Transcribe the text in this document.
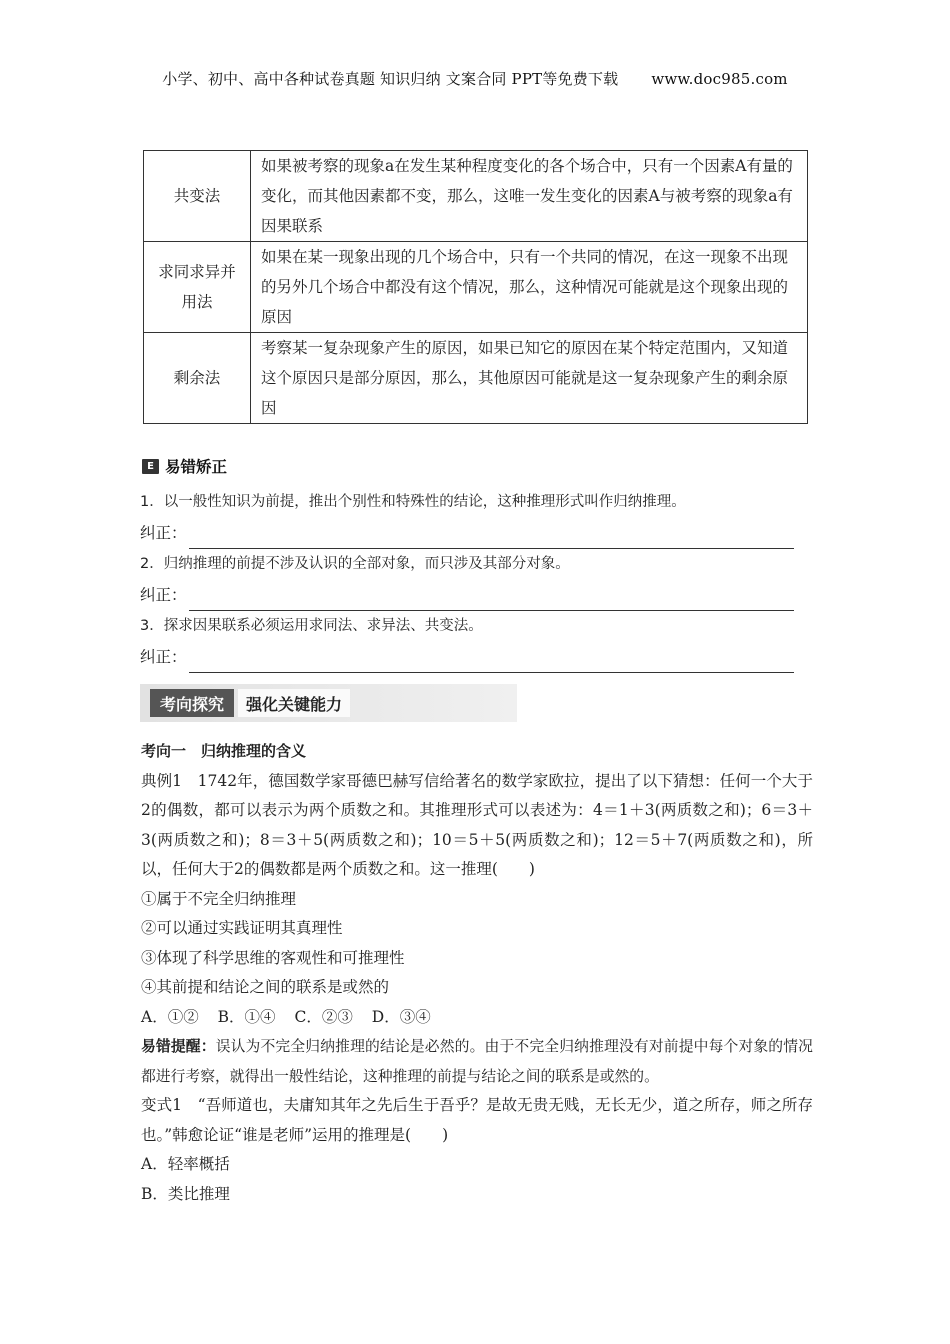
小学、初中、高中各种试卷真题 知识归纳 文案合同 PPT等免费下载 www.doc985.com
共变法	如果被考察的现象a在发生某种程度变化的各个场合中，只有一个因素A有量的变化，而其他因素都不变，那么，这唯一发生变化的因素A与被考察的现象a有因果联系

求同求异并用法	如果在某一现象出现的几个场合中，只有一个共同的情况，在这一现象不出现的另外几个场合中都没有这个情况，那么，这种情况可能就是这个现象出现的原因
剩余法	考察某一复杂现象产生的原因，如果已知它的原因在某个特定范围内，又知道这个原因只是部分原因，那么，其他原因可能就是这一复杂现象产生的剩余原因
E 易错矫正
1．以一般性知识为前提，推出个别性和特殊性的结论，这种推理形式叫作归纳推理。
纠正：
2．归纳推理的前提不涉及认识的全部对象，而只涉及其部分对象。
纠正：
3．探求因果联系必须运用求同法、求异法、共变法。
纠正：
考向探究	强化关键能力
考向一　归纳推理的含义
典例1　1742年，德国数学家哥德巴赫写信给著名的数学家欧拉，提出了以下猜想：任何一个大于2的偶数，都可以表示为两个质数之和。其推理形式可以表述为：4＝1＋3(两质数之和)；6＝3＋3(两质数之和)；8＝3＋5(两质数之和)；10＝5＋5(两质数之和)；12＝5＋7(两质数之和)，所以，任何大于2的偶数都是两个质数之和。这一推理(　　)
①属于不完全归纳推理
②可以通过实践证明其真理性
③体现了科学思维的客观性和可推理性
④其前提和结论之间的联系是或然的
A．①② B．①④ C．②③ D．③④
易错提醒：误认为不完全归纳推理的结论是必然的。由于不完全归纳推理没有对前提中每个对象的情况都进行考察，就得出一般性结论，这种推理的前提与结论之间的联系是或然的。
变式1　“吾师道也，夫庸知其年之先后生于吾乎？是故无贵无贱，无长无少，道之所存，师之所存也。”韩愈论证“谁是老师”运用的推理是(　　)
A．轻率概括
B．类比推理
